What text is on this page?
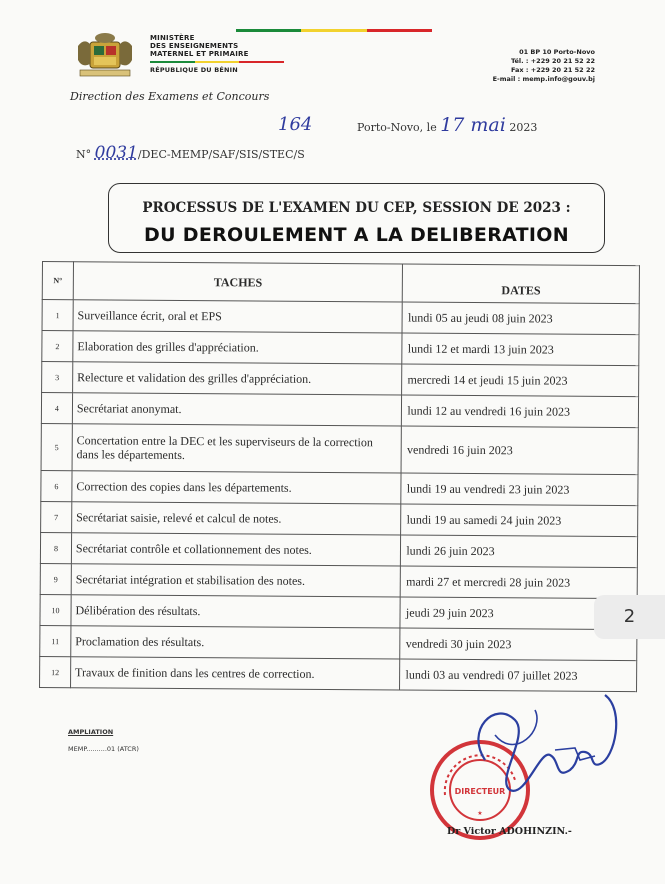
MINISTÈRE
DES ENSEIGNEMENTS
MATERNEL ET PRIMAIRE
RÉPUBLIQUE DU BÉNIN
Direction des Examens et Concours
01 BP 10 Porto-Novo
Tél. : +229 20 21 52 22
Fax : +229 20 21 52 22
E-mail : memp.info@gouv.bj
164	Porto-Novo, le 17 mai 2023
N° 0031/DEC-MEMP/SAF/SIS/STEC/S
PROCESSUS DE L'EXAMEN DU CEP, SESSION DE 2023 :
DU DEROULEMENT A LA DELIBERATION
N°	TACHES	DATES
1	Surveillance écrit, oral et EPS	lundi 05 au jeudi 08 juin 2023
2	Elaboration des grilles d'appréciation.	lundi 12 et mardi 13 juin 2023
3	Relecture et validation des grilles d'appréciation.	mercredi 14 et jeudi 15 juin 2023
4	Secrétariat anonymat.	lundi 12 au vendredi 16 juin 2023
5	Concertation entre la DEC et les superviseurs de la correction dans les départements.	vendredi 16 juin 2023
6	Correction des copies dans les départements.	lundi 19 au vendredi 23 juin 2023
7	Secrétariat saisie, relevé et calcul de notes.	lundi 19 au samedi 24 juin 2023
8	Secrétariat contrôle et collationnement des notes.	lundi 26 juin 2023
9	Secrétariat intégration et stabilisation des notes.	mardi 27 et mercredi 28 juin 2023
10	Délibération des résultats.	jeudi 29 juin 2023
11	Proclamation des résultats.	vendredi 30 juin 2023
12	Travaux de finition dans les centres de correction.	lundi 03 au vendredi 07 juillet 2023
2
AMPLIATION
MEMP..........01 (ATCR)
DIRECTEUR
★
Dr Victor ADOHINZIN.-
